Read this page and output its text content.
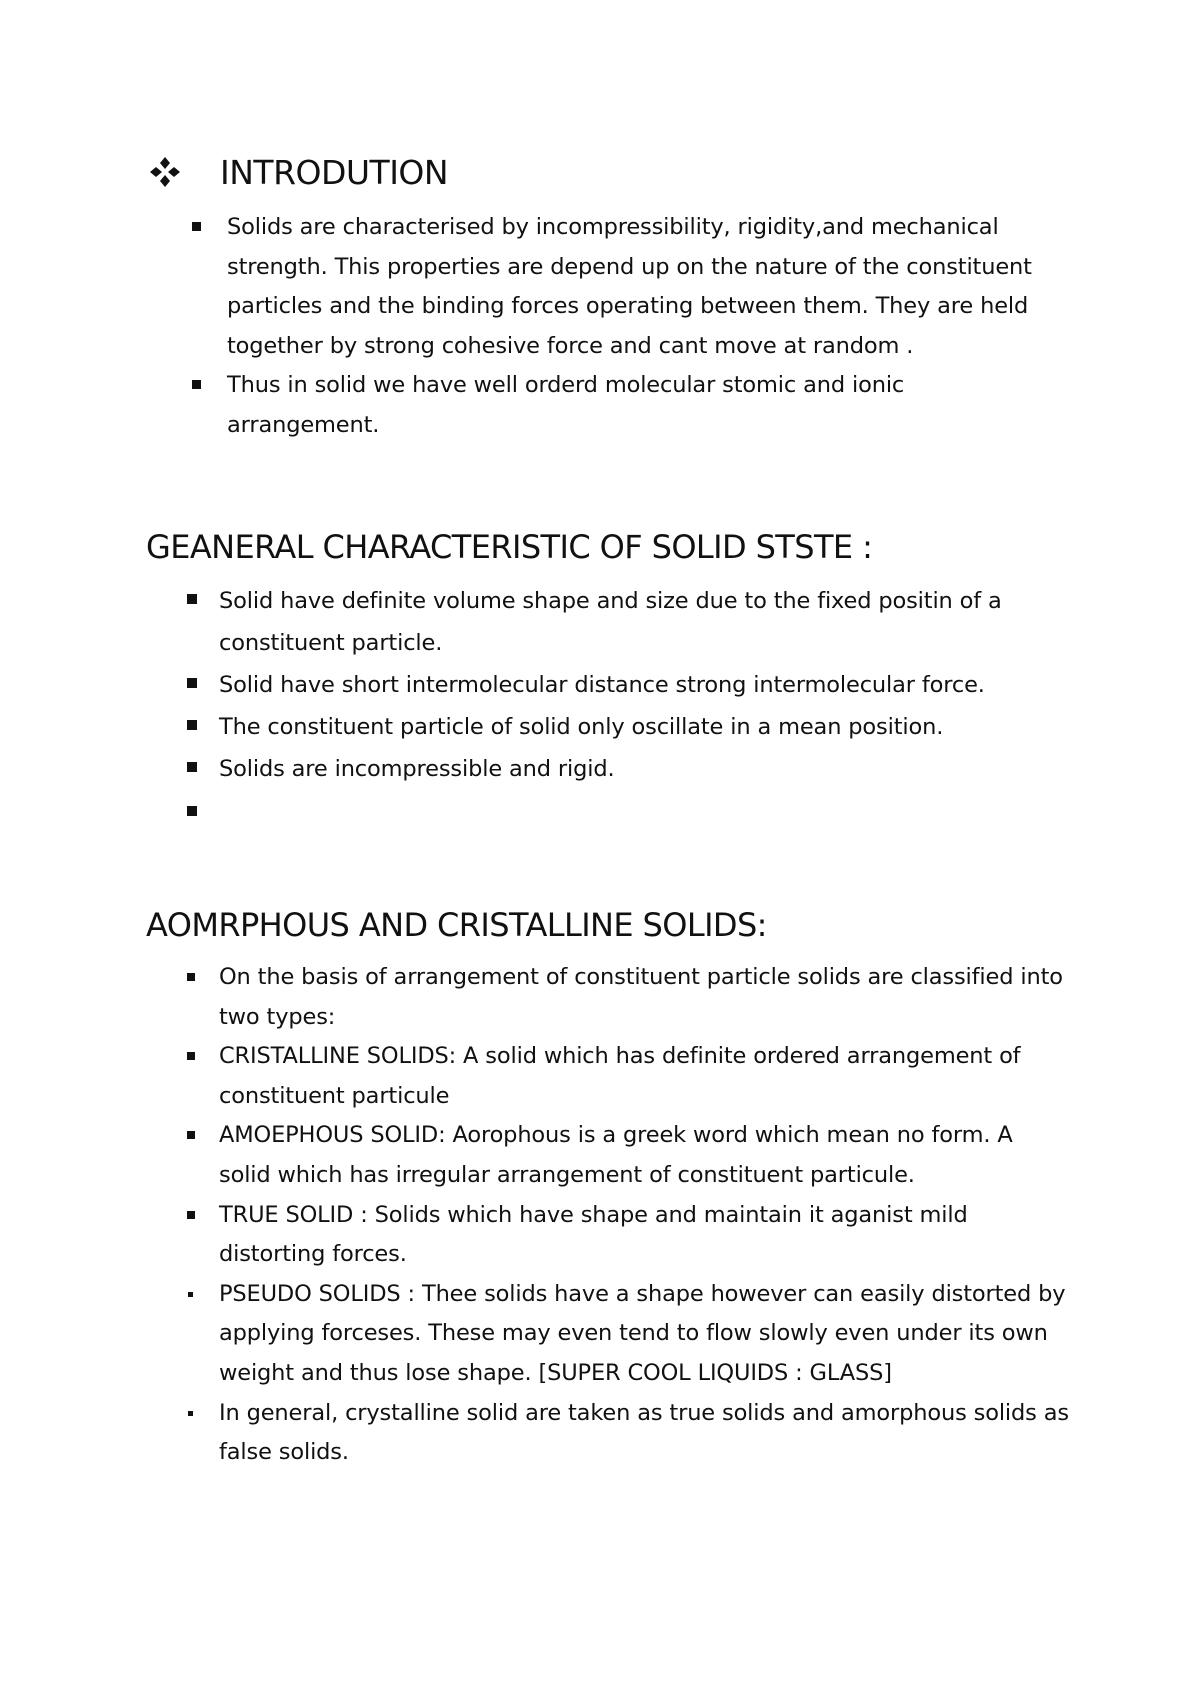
INTRODUTION
Solids are characterised by incompressibility, rigidity,and mechanical strength. This properties are depend up on the nature of the constituent particles and the binding forces operating between them. They are held together by strong cohesive force and cant move at random .
Thus in solid we have well orderd molecular stomic and ionic arrangement.
GEANERAL CHARACTERISTIC OF SOLID STSTE :
Solid have definite volume shape and size due to the fixed positin of a constituent particle.
Solid have short intermolecular distance strong intermolecular force.
The constituent particle of solid only oscillate in a mean position.
Solids are incompressible and rigid.
AOMRPHOUS AND CRISTALLINE SOLIDS:
On the basis of arrangement of constituent particle solids are classified into two types:
CRISTALLINE SOLIDS: A solid which has definite ordered arrangement of constituent particule
AMOEPHOUS SOLID: Aorophous is a greek word which mean no form. A solid which has irregular arrangement of constituent particule.
TRUE SOLID : Solids which have shape and maintain it aganist mild distorting forces.
PSEUDO SOLIDS : Thee solids have a shape however can easily distorted by applying forceses. These may even tend to flow slowly even under its own weight and thus lose shape. [SUPER COOL LIQUIDS : GLASS]
In general, crystalline solid are taken as true solids and amorphous solids as false solids.
